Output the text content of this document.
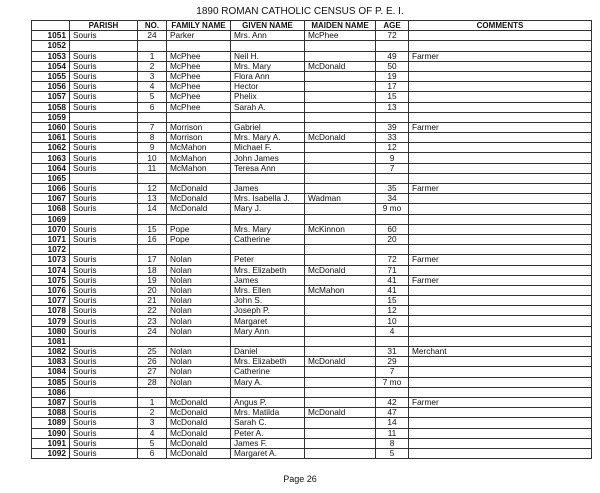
1890 ROMAN CATHOLIC CENSUS OF P. E. I.
	PARISH	NO.	FAMILY NAME	GIVEN NAME	MAIDEN NAME	AGE	COMMENTS
1051	Souris	24	Parker	Mrs. Ann	McPhee	72	
1052							
1053	Souris	1	McPhee	Neil H.		49	Farmer
1054	Souris	2	McPhee	Mrs. Mary	McDonald	50	
1055	Souris	3	McPhee	Flora Ann		19	
1056	Souris	4	McPhee	Hector		17	
1057	Souris	5	McPhee	Phelix		15	
1058	Souris	6	McPhee	Sarah A.		13	
1059							
1060	Souris	7	Morrison	Gabriel		39	Farmer
1061	Souris	8	Morrison	Mrs. Mary A.	McDonald	33	
1062	Souris	9	McMahon	Michael F.		12	
1063	Souris	10	McMahon	John James		9	
1064	Souris	11	McMahon	Teresa Ann		7	
1065							
1066	Souris	12	McDonald	James		35	Farmer
1067	Souris	13	McDonald	Mrs. Isabella J.	Wadman	34	
1068	Souris	14	McDonald	Mary J.		9 mo	
1069							
1070	Souris	15	Pope	Mrs. Mary	McKinnon	60	
1071	Souris	16	Pope	Catherine		20	
1072							
1073	Souris	17	Nolan	Peter		72	Farmer
1074	Souris	18	Nolan	Mrs. Elizabeth	McDonald	71	
1075	Souris	19	Nolan	James		41	Farmer
1076	Souris	20	Nolan	Mrs. Ellen	McMahon	41	
1077	Souris	21	Nolan	John S.		15	
1078	Souris	22	Nolan	Joseph P.		12	
1079	Souris	23	Nolan	Margaret		10	
1080	Souris	24	Nolan	Mary Ann		4	
1081							
1082	Souris	25	Nolan	Daniel		31	Merchant
1083	Souris	26	Nolan	Mrs. Elizabeth	McDonald	29	
1084	Souris	27	Nolan	Catherine		7	
1085	Souris	28	Nolan	Mary A.		7 mo	
1086							
1087	Souris	1	McDonald	Angus P.		42	Farmer
1088	Souris	2	McDonald	Mrs. Matilda	McDonald	47	
1089	Souris	3	McDonald	Sarah C.		14	
1090	Souris	4	McDonald	Peter A.		11	
1091	Souris	5	McDonald	James F.		8	
1092	Souris	6	McDonald	Margaret A.		5	
Page 26
